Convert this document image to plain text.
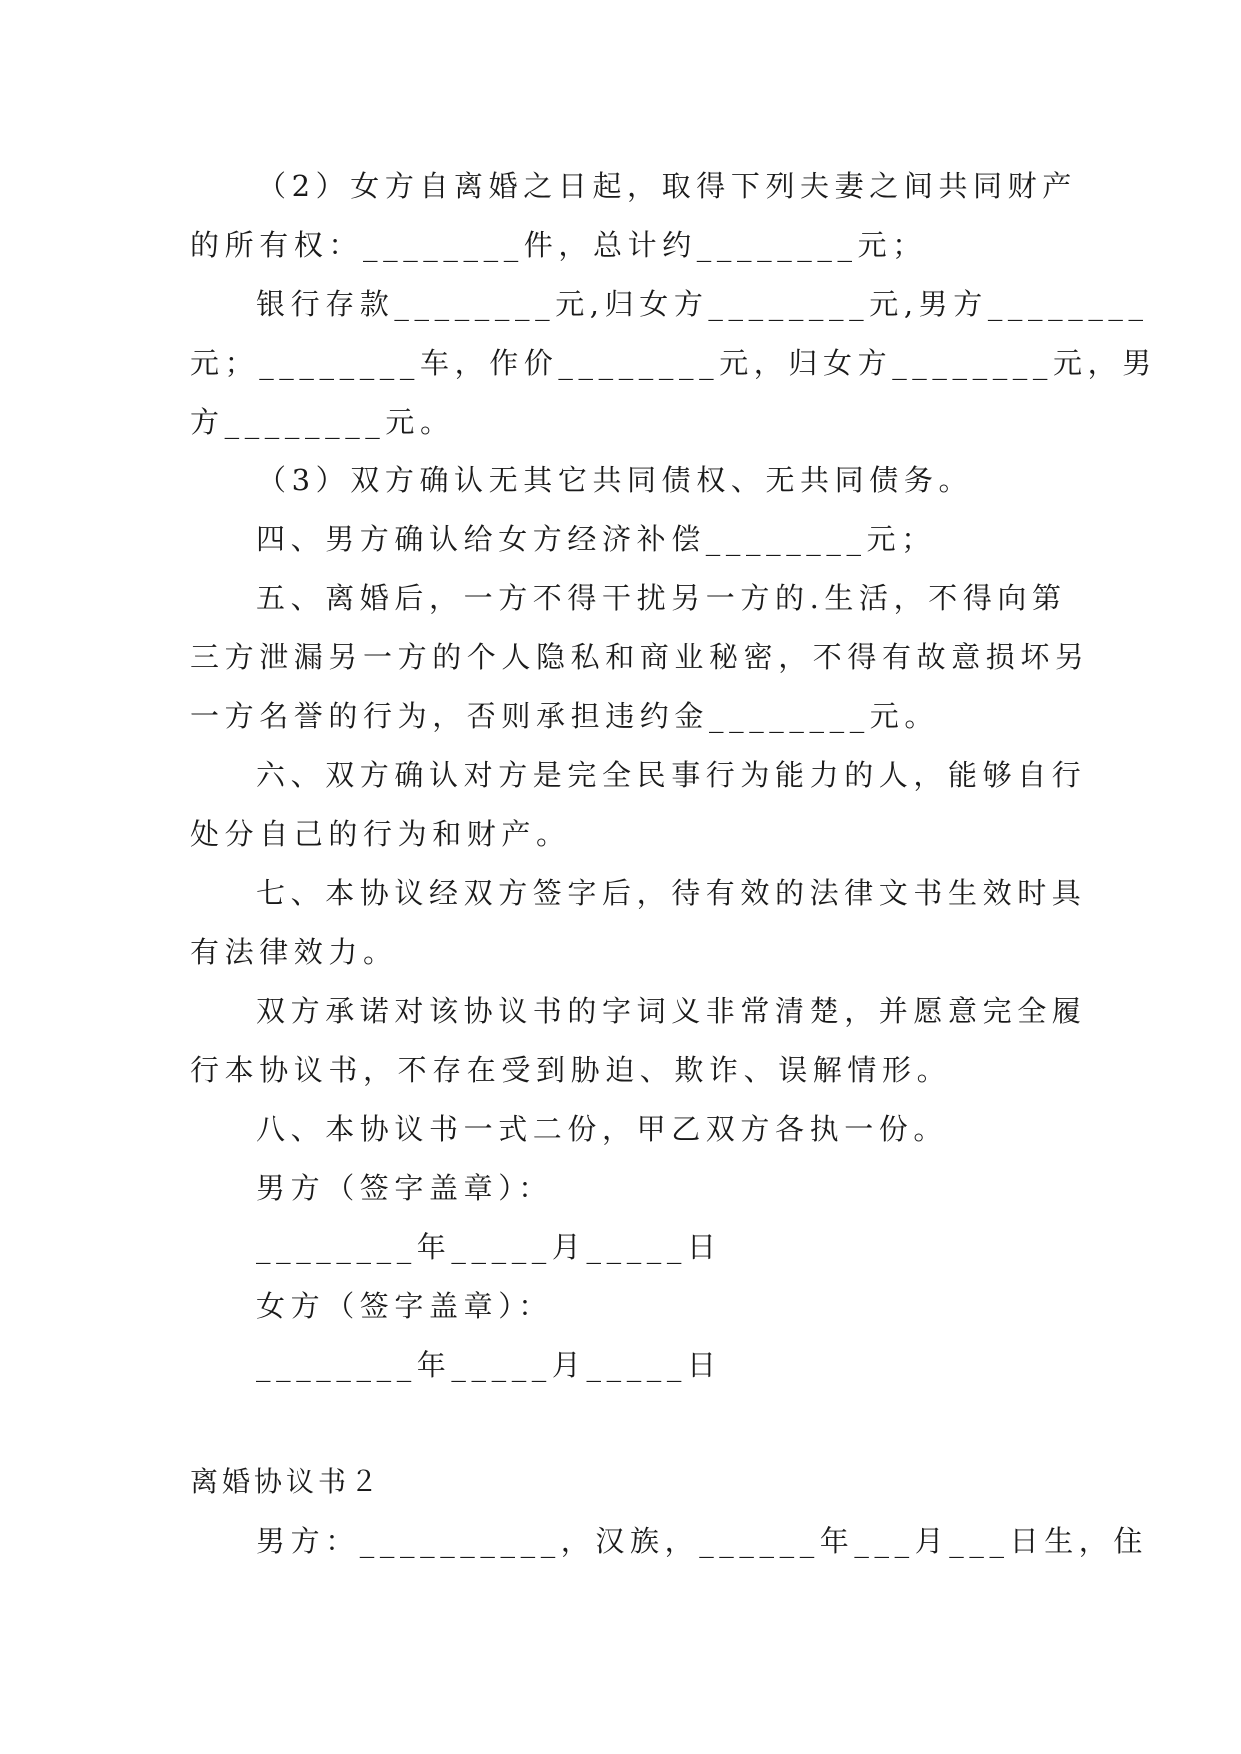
（2）女方自离婚之日起，取得下列夫妻之间共同财产
的所有权：________件，总计约________元；
银行存款________元,归女方________元,男方________
元；________车，作价________元，归女方________元，男
方________元。
（3）双方确认无其它共同债权、无共同债务。
四、男方确认给女方经济补偿________元；
五、离婚后，一方不得干扰另一方的.生活，不得向第
三方泄漏另一方的个人隐私和商业秘密，不得有故意损坏另
一方名誉的行为，否则承担违约金________元。
六、双方确认对方是完全民事行为能力的人，能够自行
处分自己的行为和财产。
七、本协议经双方签字后，待有效的法律文书生效时具
有法律效力。
双方承诺对该协议书的字词义非常清楚，并愿意完全履
行本协议书，不存在受到胁迫、欺诈、误解情形。
八、本协议书一式二份，甲乙双方各执一份。
男方（签字盖章）：
________年_____月_____日
女方（签字盖章）：
________年_____月_____日
离婚协议书２
男方：__________，汉族，______年___月___日生，住
